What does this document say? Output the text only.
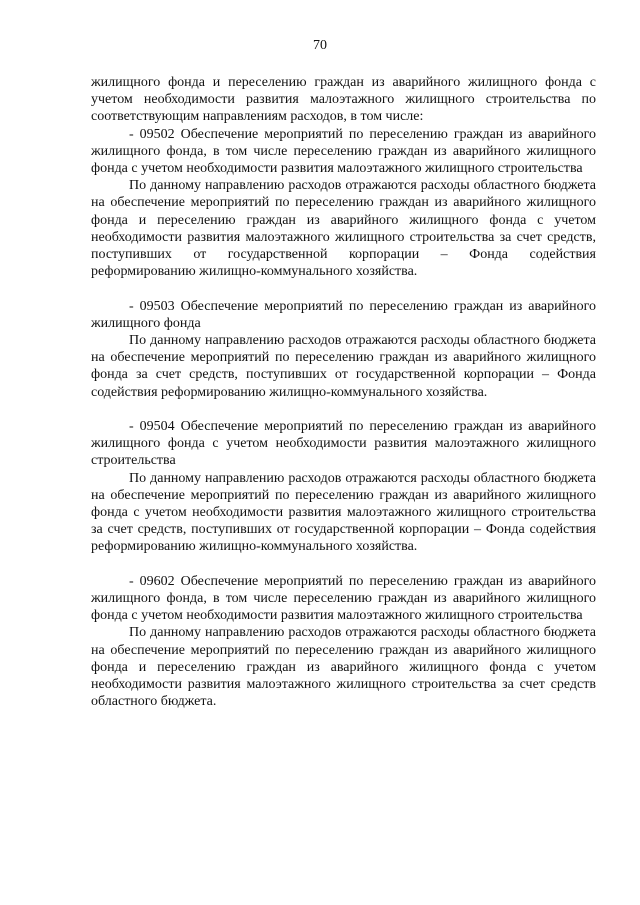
70

жилищного фонда и переселению граждан из аварийного жилищного фонда с учетом необходимости развития малоэтажного жилищного строительства по соответствующим направлениям расходов, в том числе:

- 09502 Обеспечение мероприятий по переселению граждан из аварийного жилищного фонда, в том числе переселению граждан из аварийного жилищного фонда с учетом необходимости развития малоэтажного жилищного строительства

По данному направлению расходов отражаются расходы областного бюджета на обеспечение мероприятий по переселению граждан из аварийного жилищного фонда и переселению граждан из аварийного жилищного фонда с учетом необходимости развития малоэтажного жилищного строительства за счет средств, поступивших от государственной корпорации – Фонда содействия реформированию жилищно-коммунального хозяйства.

- 09503 Обеспечение мероприятий по переселению граждан из аварийного жилищного фонда

По данному направлению расходов отражаются расходы областного бюджета на обеспечение мероприятий по переселению граждан из аварийного жилищного фонда за счет средств, поступивших от государственной корпорации – Фонда содействия реформированию жилищно-коммунального хозяйства.

- 09504 Обеспечение мероприятий по переселению граждан из аварийного жилищного фонда с учетом необходимости развития малоэтажного жилищного строительства

По данному направлению расходов отражаются расходы областного бюджета на обеспечение мероприятий по переселению граждан из аварийного жилищного фонда с учетом необходимости развития малоэтажного жилищного строительства за счет средств, поступивших от государственной корпорации – Фонда содействия реформированию жилищно-коммунального хозяйства.

- 09602 Обеспечение мероприятий по переселению граждан из аварийного жилищного фонда, в том числе переселению граждан из аварийного жилищного фонда с учетом необходимости развития малоэтажного жилищного строительства

По данному направлению расходов отражаются расходы областного бюджета на обеспечение мероприятий по переселению граждан из аварийного жилищного фонда и переселению граждан из аварийного жилищного фонда с учетом необходимости развития малоэтажного жилищного строительства за счет средств областного бюджета.
